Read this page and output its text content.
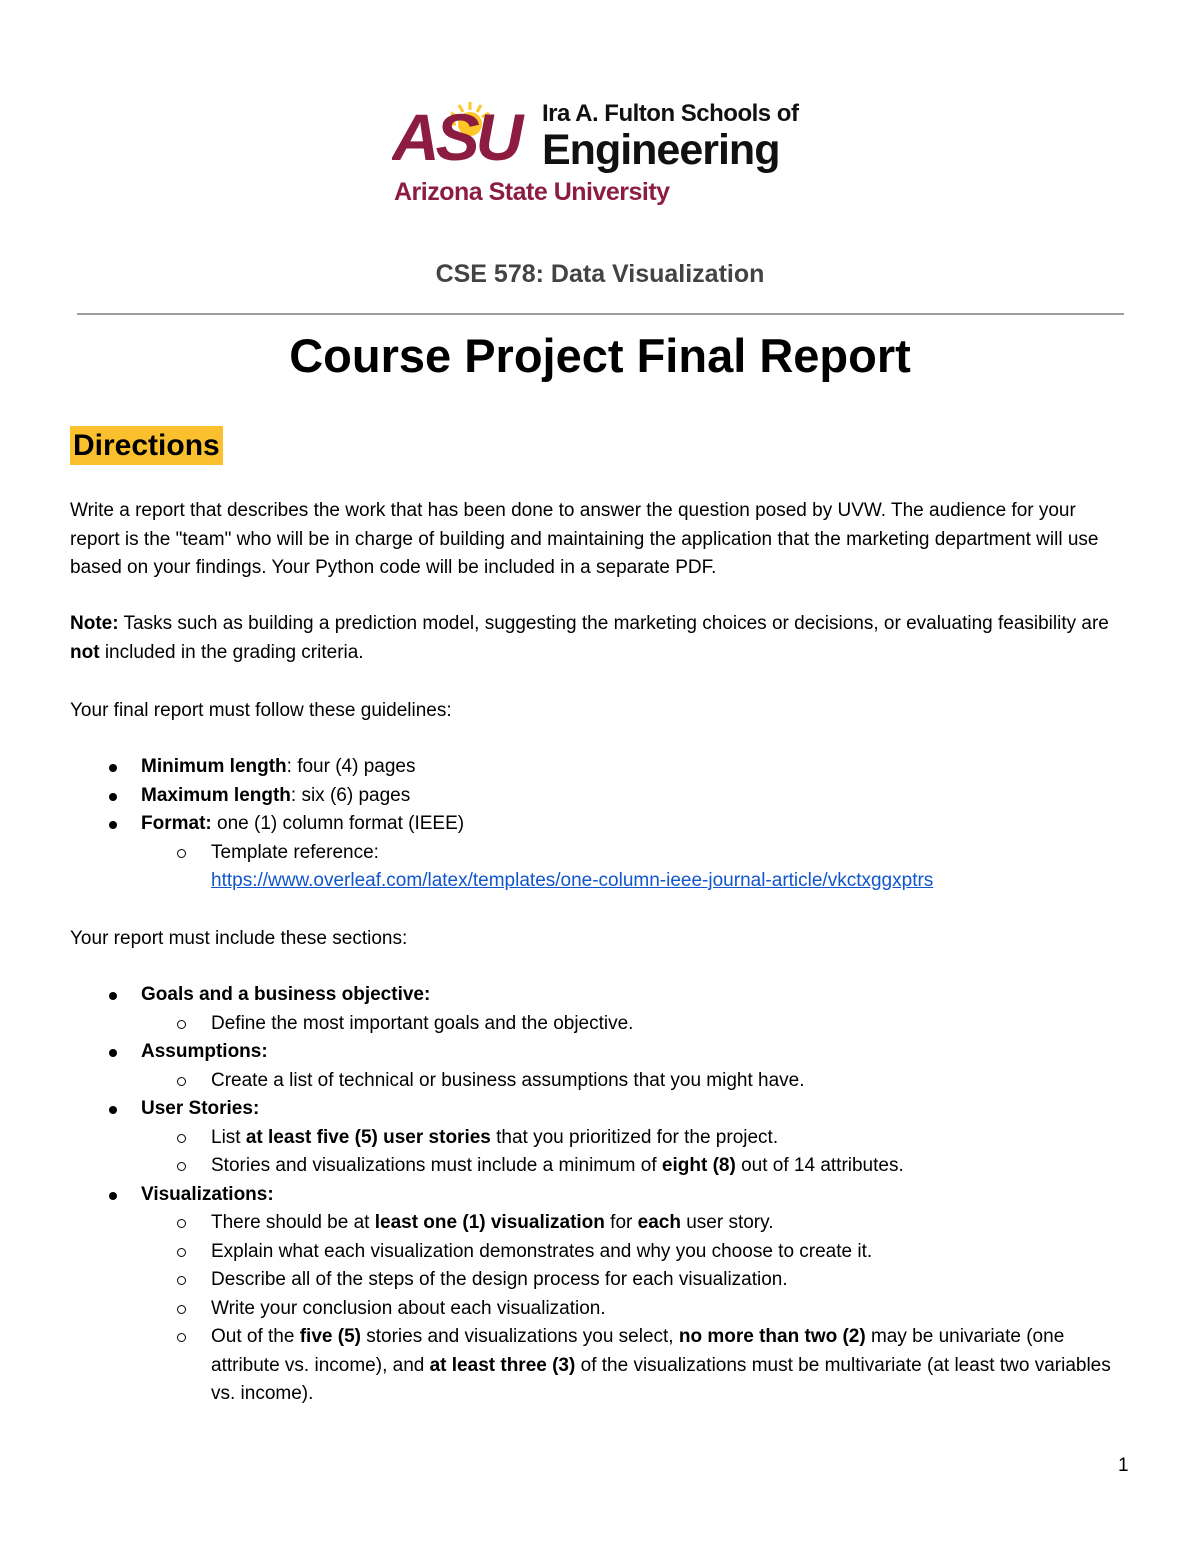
ASU Ira A. Fulton Schools of
Engineering
Arizona State University
CSE 578: Data Visualization
Course Project Final Report
Directions

Write a report that describes the work that has been done to answer the question posed by UVW. The audience for your report is the "team" who will be in charge of building and maintaining the application that the marketing department will use based on your findings. Your Python code will be included in a separate PDF.

Note: Tasks such as building a prediction model, suggesting the marketing choices or decisions, or evaluating feasibility are not included in the grading criteria.

Your final report must follow these guidelines:

Minimum length: four (4) pages
Maximum length: six (6) pages
Format: one (1) column format (IEEE)
Template reference:
https://www.overleaf.com/latex/templates/one-column-ieee-journal-article/vkctxggxptrs

Your report must include these sections:

Goals and a business objective:
Define the most important goals and the objective.
Assumptions:
Create a list of technical or business assumptions that you might have.
User Stories:
List at least five (5) user stories that you prioritized for the project.
Stories and visualizations must include a minimum of eight (8) out of 14 attributes.
Visualizations:
There should be at least one (1) visualization for each user story.
Explain what each visualization demonstrates and why you choose to create it.
Describe all of the steps of the design process for each visualization.
Write your conclusion about each visualization.
Out of the five (5) stories and visualizations you select, no more than two (2) may be univariate (one attribute vs. income), and at least three (3) of the visualizations must be multivariate (at least two variables vs. income).
1
